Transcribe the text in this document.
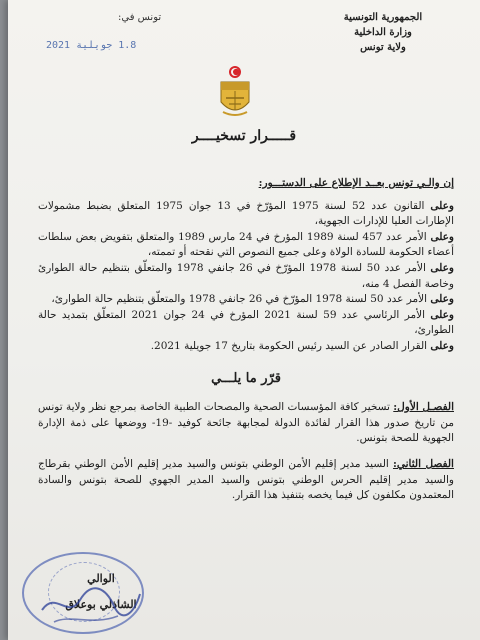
الجمهورية التونسية
وزارة الداخلية
ولاية تونس
تونس في:
1.8 جويلية 2021
قـــــرار تسخيــــر

إن والـي تونس بعــد الإطلاع على الدستـــور:

وعلى القانون عدد 52 لسنة 1975 المؤرّخ في 13 جوان 1975 المتعلق بضبط مشمولات الإطارات العليا للإدارات الجهوية،

وعلى الأمر عدد 457 لسنة 1989 المؤرخ في 24 مارس 1989 والمتعلق بتفويض بعض سلطات أعضاء الحكومة للسادة الولاة وعلى جميع النصوص التي نقحته أو تممته،

وعلى الأمر عدد 50 لسنة 1978 المؤرّخ في 26 جانفي 1978 والمتعلّق بتنظيم حالة الطوارئ وخاصة الفصل 4 منه،

وعلى الأمر عدد 50 لسنة 1978 المؤرّخ في 26 جانفي 1978 والمتعلّق بتنظيم حالة الطوارئ،

وعلى الأمر الرئاسي عدد 59 لسنة 2021 المؤرخ في 24 جوان 2021 المتعلّق بتمديد حالة الطوارئ،

وعلى القرار الصادر عن السيد رئيس الحكومة بتاريخ 17 جويلية 2021.

قرّر ما يلـــي

الفصـل الأول: تسخير كافة المؤسسات الصحية والمصحات الطبية الخاصة بمرجع نظر ولاية تونس من تاريخ صدور هذا القرار لفائدة الدولة لمجابهة جائحة كوفيد -19- ووضعها على ذمة الإدارة الجهوية للصحة بتونس.

الفصل الثاني: السيد مدير إقليم الأمن الوطني بتونس والسيد مدير إقليم الأمن الوطني بقرطاج والسيد مدير إقليم الحرس الوطني بتونس والسيد المدير الجهوي للصحة بتونس والسادة المعتمدون مكلفون كل فيما يخصه بتنفيذ هذا القرار.

الوالي
الشاذلي بوعلاق
